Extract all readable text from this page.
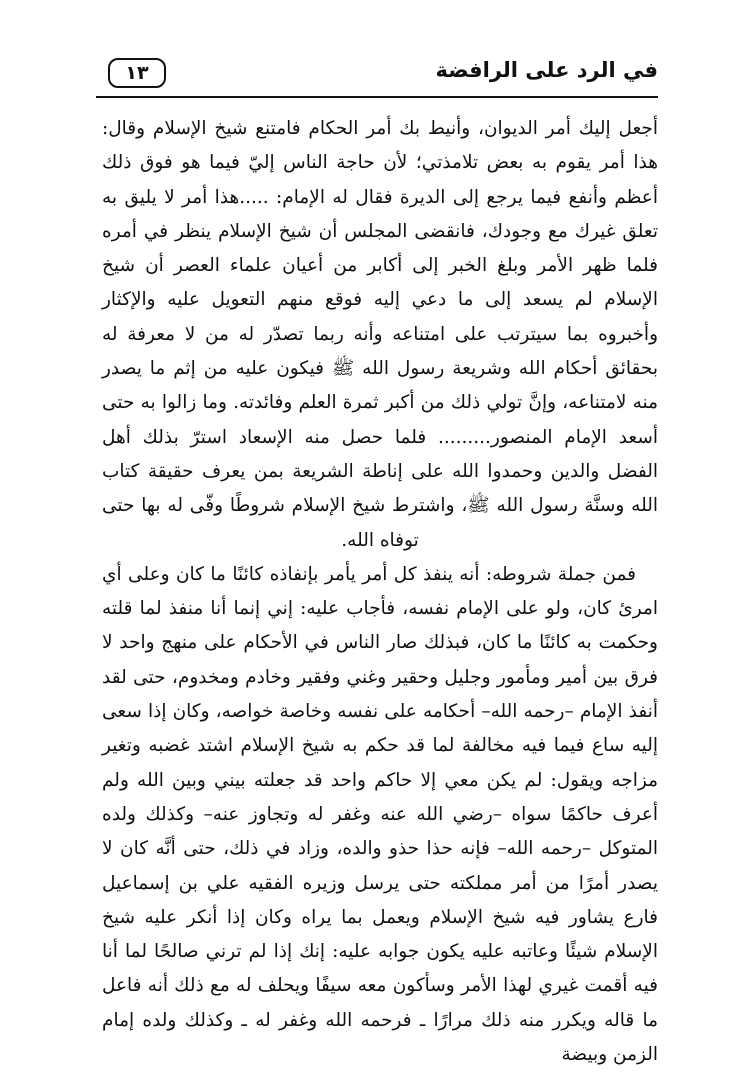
في الرد على الرافضة
١٣

أجعل إليك أمر الديوان، وأنيط بك أمر الحكام فامتنع شيخ الإسلام وقال: هذا أمر يقوم به بعض تلامذتي؛ لأن حاجة الناس إليّ فيما هو فوق ذلك أعظم وأنفع فيما يرجع إلى الديرة فقال له الإمام: .....هذا أمر لا يليق به تعلق غيرك مع وجودك، فانقضى المجلس أن شيخ الإسلام ينظر في أمره فلما ظهر الأمر وبلغ الخبر إلى أكابر من أعيان علماء العصر أن شيخ الإسلام لم يسعد إلى ما دعي إليه فوقع منهم التعويل عليه والإكثار وأخبروه بما سيترتب على امتناعه وأنه ربما تصدّر له من لا معرفة له بحقائق أحكام الله وشريعة رسول الله ﷺ فيكون عليه من إثم ما يصدر منه لامتناعه، وإنَّ تولي ذلك من أكبر ثمرة العلم وفائدته. وما زالوا به حتى أسعد الإمام المنصور......... فلما حصل منه الإسعاد استرّ بذلك أهل الفضل والدين وحمدوا الله على إناطة الشريعة بمن يعرف حقيقة كتاب الله وسنَّة رسول الله ﷺ، واشترط شيخ الإسلام شروطًا وفّى له بها حتى توفاه الله.

فمن جملة شروطه: أنه ينفذ كل أمر يأمر بإنفاذه كائنًا ما كان وعلى أي امرئ كان، ولو على الإمام نفسه، فأجاب عليه: إني إنما أنا منفذ لما قلته وحكمت به كائنًا ما كان، فبذلك صار الناس في الأحكام على منهج واحد لا فرق بين أمير ومأمور وجليل وحقير وغني وفقير وخادم ومخدوم، حتى لقد أنفذ الإمام –رحمه الله– أحكامه على نفسه وخاصة خواصه، وكان إذا سعى إليه ساع فيما فيه مخالفة لما قد حكم به شيخ الإسلام اشتد غضبه وتغير مزاجه ويقول: لم يكن معي إلا حاكم واحد قد جعلته بيني وبين الله ولم أعرف حاكمًا سواه –رضي الله عنه وغفر له وتجاوز عنه– وكذلك ولده المتوكل –رحمه الله– فإنه حذا حذو والده، وزاد في ذلك، حتى أنَّه كان لا يصدر أمرًا من أمر مملكته حتى يرسل وزيره الفقيه علي بن إسماعيل فارع يشاور فيه شيخ الإسلام ويعمل بما يراه وكان إذا أنكر عليه شيخ الإسلام شيئًا وعاتبه عليه يكون جوابه عليه: إنك إذا لم ترني صالحًا لما أنا فيه أقمت غيري لهذا الأمر وسأكون معه سيفًا ويحلف له مع ذلك أنه فاعل ما قاله ويكرر منه ذلك مرارًا ـ فرحمه الله وغفر له ـ وكذلك ولده إمام الزمن وبيضة
